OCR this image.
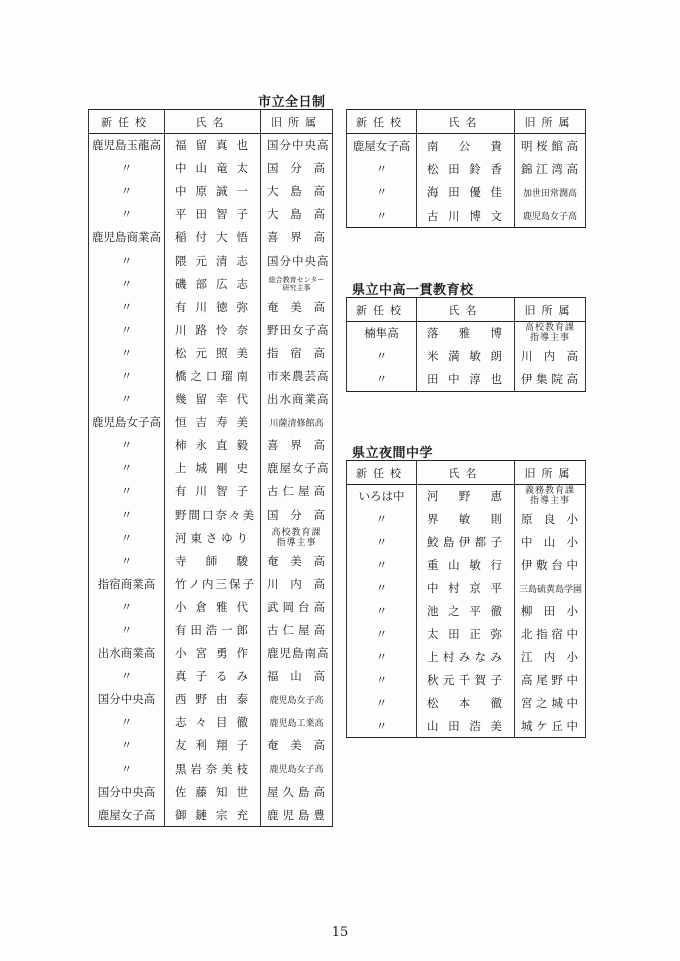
市立全日制
新任校	氏名	旧所属
鹿児島玉龍高	福留真也	国分中央高
〃	中山竜太	国分高
〃	中原誠一	大島高
〃	平田智子	大島高
鹿児島商業高	稲付大悟	喜界高
〃	隈元清志	国分中央高
〃	磯部広志	総合教育センター
研究主事

〃	有川徳弥	奄美高
〃	川路怜奈	野田女子高
〃	松元照美	指宿高
〃	橋之口瑠南	市来農芸高
〃	幾留幸代	出水商業高
鹿児島女子高	恒吉寿美	川薩清修館高
〃	柿永直毅	喜界高
〃	上城剛史	鹿屋女子高
〃	有川智子	古仁屋高
〃	野間口奈々美	国分高
〃	河東さゆり	高校教育課
指導主事

〃	寺師駿	奄美高
指宿商業高	竹ノ内三保子	川内高
〃	小倉雅代	武岡台高
〃	有田浩一郎	古仁屋高
出水商業高	小宮勇作	鹿児島南高
〃	真子るみ	福山高
国分中央高	西野由泰	鹿児島女子高
〃	志々目徹	鹿児島工業高
〃	友利翔子	奄美高
〃	黒岩奈美枝	鹿児島女子高
国分中央高	佐藤知世	屋久島高
鹿屋女子高	御鏈宗充	鹿児島豊
新任校	氏名	旧所属
鹿屋女子高	南公貴	明桜館高
〃	松田鈴香	錦江湾高
〃	海田優佳	加世田常潤高
〃	古川博文	鹿児島女子高
県立中高一貫教育校
新任校	氏名	旧所属
楠隼高	落雅博	高校教育課
指導主事

〃	米満敏朗	川内高
〃	田中淳也	伊集院高
県立夜間中学
新任校	氏名	旧所属
いろは中	河野恵	義務教育課
指導主事

〃	界敏則	原良小
〃	鮫島伊都子	中山小
〃	重山敏行	伊敷台中
〃	中村京平	三島硫黄島学園
〃	池之平徹	柳田小
〃	太田正弥	北指宿中
〃	上村みなみ	江内小
〃	秋元千賀子	高尾野中
〃	松本徹	宮之城中
〃	山田浩美	城ケ丘中
15
